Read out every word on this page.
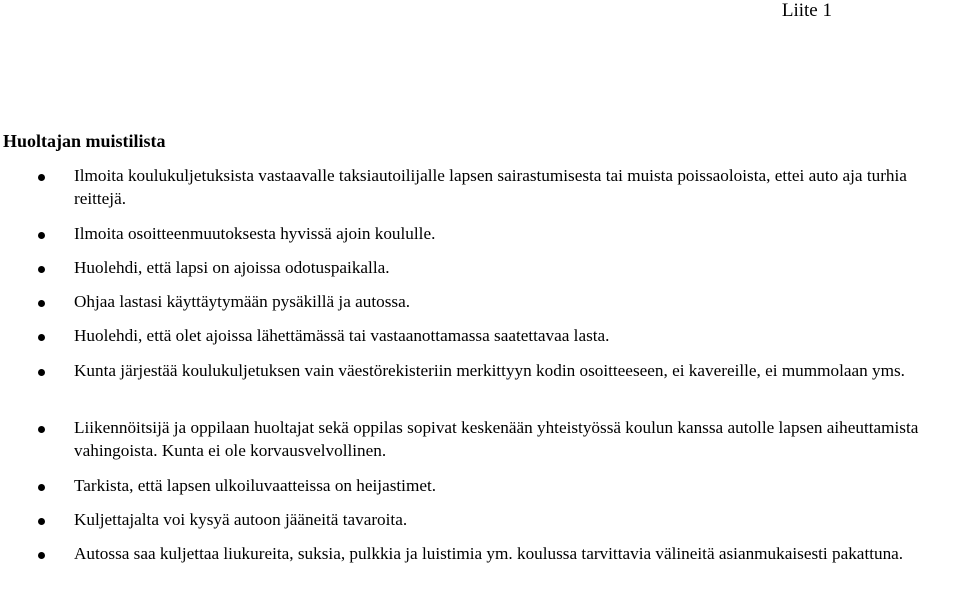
Liite 1
Huoltajan muistilista
Ilmoita koulukuljetuksista vastaavalle taksiautoilijalle lapsen sairastumisesta tai muista poissaoloista, ettei auto aja turhia reittejä.
Ilmoita osoitteenmuutoksesta hyvissä ajoin koululle.
Huolehdi, että lapsi on ajoissa odotuspaikalla.
Ohjaa lastasi käyttäytymään pysäkillä ja autossa.
Huolehdi, että olet ajoissa lähettämässä tai vastaanottamassa saatettavaa lasta.
Kunta järjestää koulukuljetuksen vain väestörekisteriin merkittyyn kodin osoitteeseen, ei kavereille, ei mummolaan yms.
Liikennöitsijä ja oppilaan huoltajat sekä oppilas sopivat keskenään yhteistyössä koulun kanssa autolle lapsen aiheuttamista vahingoista. Kunta ei ole korvausvelvollinen.
Tarkista, että lapsen ulkoiluvaatteissa on heijastimet.
Kuljettajalta voi kysyä autoon jääneitä tavaroita.
Autossa saa kuljettaa liukureita, suksia, pulkkia ja luistimia ym. koulussa tarvittavia välineitä asianmukaisesti pakattuna.
